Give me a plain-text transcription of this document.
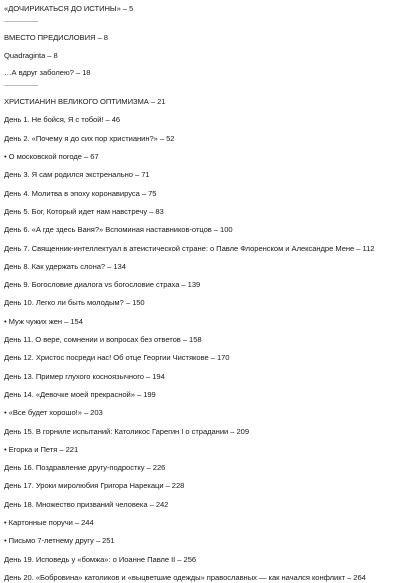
«ДОЧИРИКАТЬСЯ ДО ИСТИНЫ» – 5
ВМЕСТО ПРЕДИСЛОВИЯ – 8
Quadraginta – 8
…А вдруг заболею? – 18
ХРИСТИАНИН ВЕЛИКОГО ОПТИМИЗМА – 21
День 1. Не бойся, Я с тобой! – 46
День 2. «Почему я до сих пор христианин?» – 52
• О московской погоде – 67
День 3. Я сам родился экстренально – 71
День 4. Молитва в эпоху коронавируса – 75
День 5. Бог, Который идет нам навстречу – 83
День 6. «А где здесь Ваня?» Вспоминая наставников-отцов – 100
День 7. Священник-интеллектуал в атеистической стране: о Павле Флоренском и Александре Мене – 112
День 8. Как удержать слона? – 134
День 9. Богословие диалога vs богословие страха – 139
День 10. Легко ли быть молодым? – 150
• Муж чужих жен – 154
День 11. О вере, сомнении и вопросах без ответов – 158
День 12. Христос посреди нас! Об отце Георгии Чистякове – 170
День 13. Пример глухого косноязычного – 194
День 14. «Девочке моей прекрасной» – 199
• «Все будет хорошо!» – 203
День 15. В горниле испытаний: Католикос Гарегин I о страдании – 209
• Егорка и Петя – 221
День 16. Поздравление другу-подростку – 226
День 17. Уроки миролюбия Григора Нарекаци – 228
День 18. Множество призваний человека – 242
• Картонные поручи – 244
• Письмо 7-летнему другу – 251
День 19. Исповедь у «бомжа»: о Иоанне Павле II – 256
День 20. «Бобровина» католиков и «выцветшие одежды» православных — как начался конфликт – 264
